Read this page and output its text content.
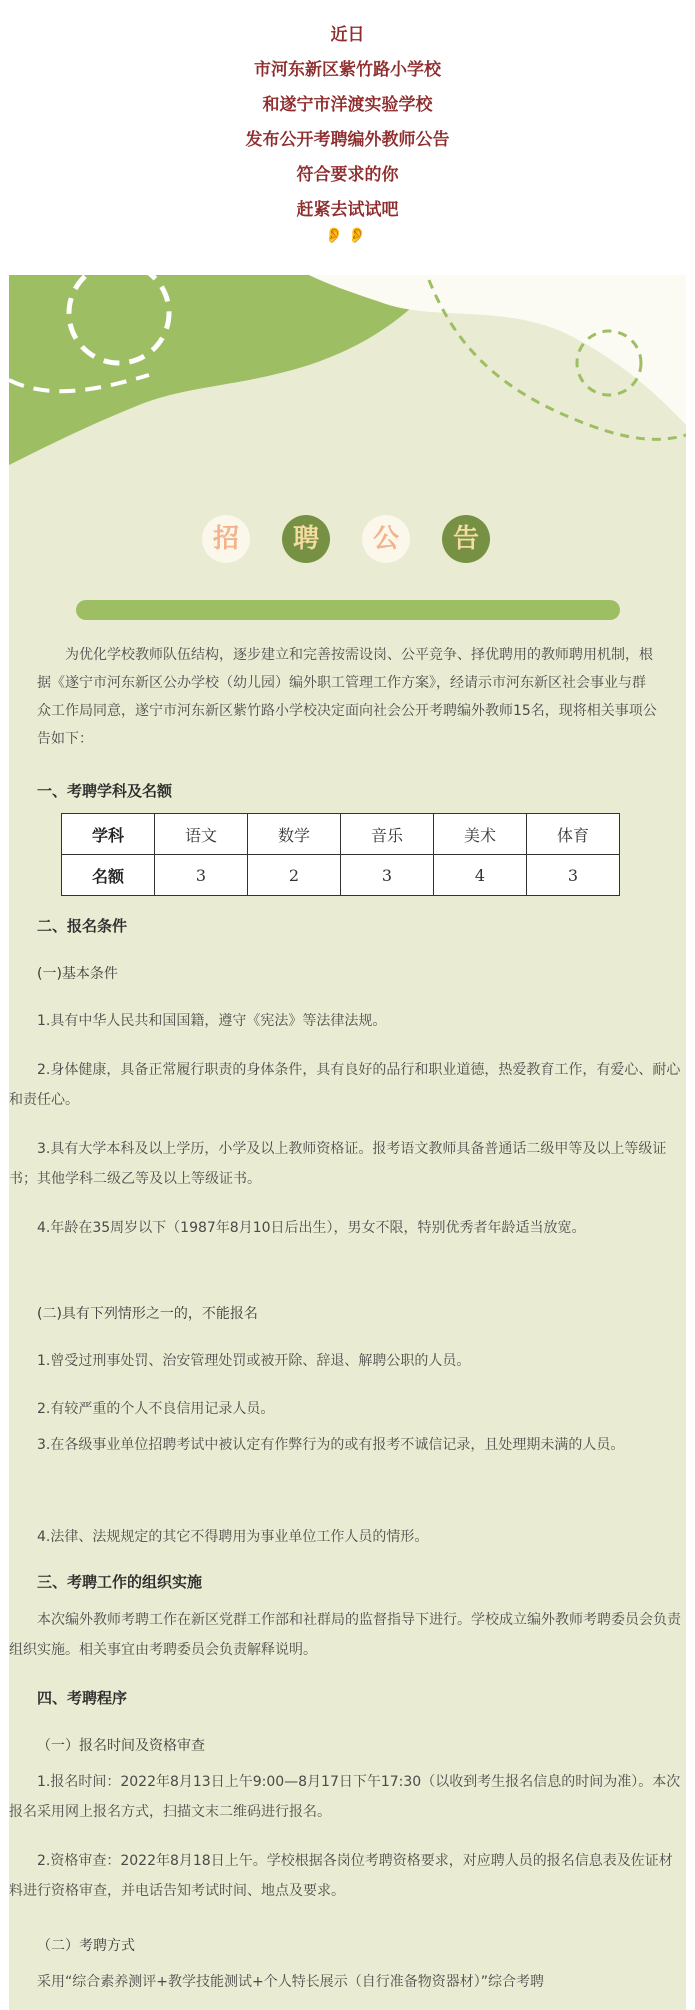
近日
市河东新区紫竹路小学校
和遂宁市洋渡实验学校
发布公开考聘编外教师公告
符合要求的你
赶紧去试试吧
👂👂
招	聘	公	告
为优化学校教师队伍结构，逐步建立和完善按需设岗、公平竞争、择优聘用的教师聘用机制，根据《遂宁市河东新区公办学校（幼儿园）编外职工管理工作方案》，经请示市河东新区社会事业与群众工作局同意，遂宁市河东新区紫竹路小学校决定面向社会公开考聘编外教师15名，现将相关事项公告如下：
一、考聘学科及名额
学科	语文	数学	音乐	美术	体育
名额	3	2	3	4	3
二、报名条件
(一)基本条件
1.具有中华人民共和国国籍，遵守《宪法》等法律法规。
2.身体健康，具备正常履行职责的身体条件，具有良好的品行和职业道德，热爱教育工作，有爱心、耐心和责任心。
3.具有大学本科及以上学历，小学及以上教师资格证。报考语文教师具备普通话二级甲等及以上等级证书；其他学科二级乙等及以上等级证书。
4.年龄在35周岁以下（1987年8月10日后出生），男女不限，特别优秀者年龄适当放宽。
(二)具有下列情形之一的，不能报名
1.曾受过刑事处罚、治安管理处罚或被开除、辞退、解聘公职的人员。
2.有较严重的个人不良信用记录人员。
3.在各级事业单位招聘考试中被认定有作弊行为的或有报考不诚信记录，且处理期未满的人员。
4.法律、法规规定的其它不得聘用为事业单位工作人员的情形。
三、考聘工作的组织实施
本次编外教师考聘工作在新区党群工作部和社群局的监督指导下进行。学校成立编外教师考聘委员会负责组织实施。相关事宜由考聘委员会负责解释说明。
四、考聘程序
（一）报名时间及资格审查
1.报名时间：2022年8月13日上午9:00—8月17日下午17:30（以收到考生报名信息的时间为准）。本次报名采用网上报名方式，扫描文末二维码进行报名。
2.资格审查：2022年8月18日上午。学校根据各岗位考聘资格要求，对应聘人员的报名信息表及佐证材料进行资格审查，并电话告知考试时间、地点及要求。
（二）考聘方式
采用“综合素养测评+教学技能测试+个人特长展示（自行准备物资器材）”综合考聘
